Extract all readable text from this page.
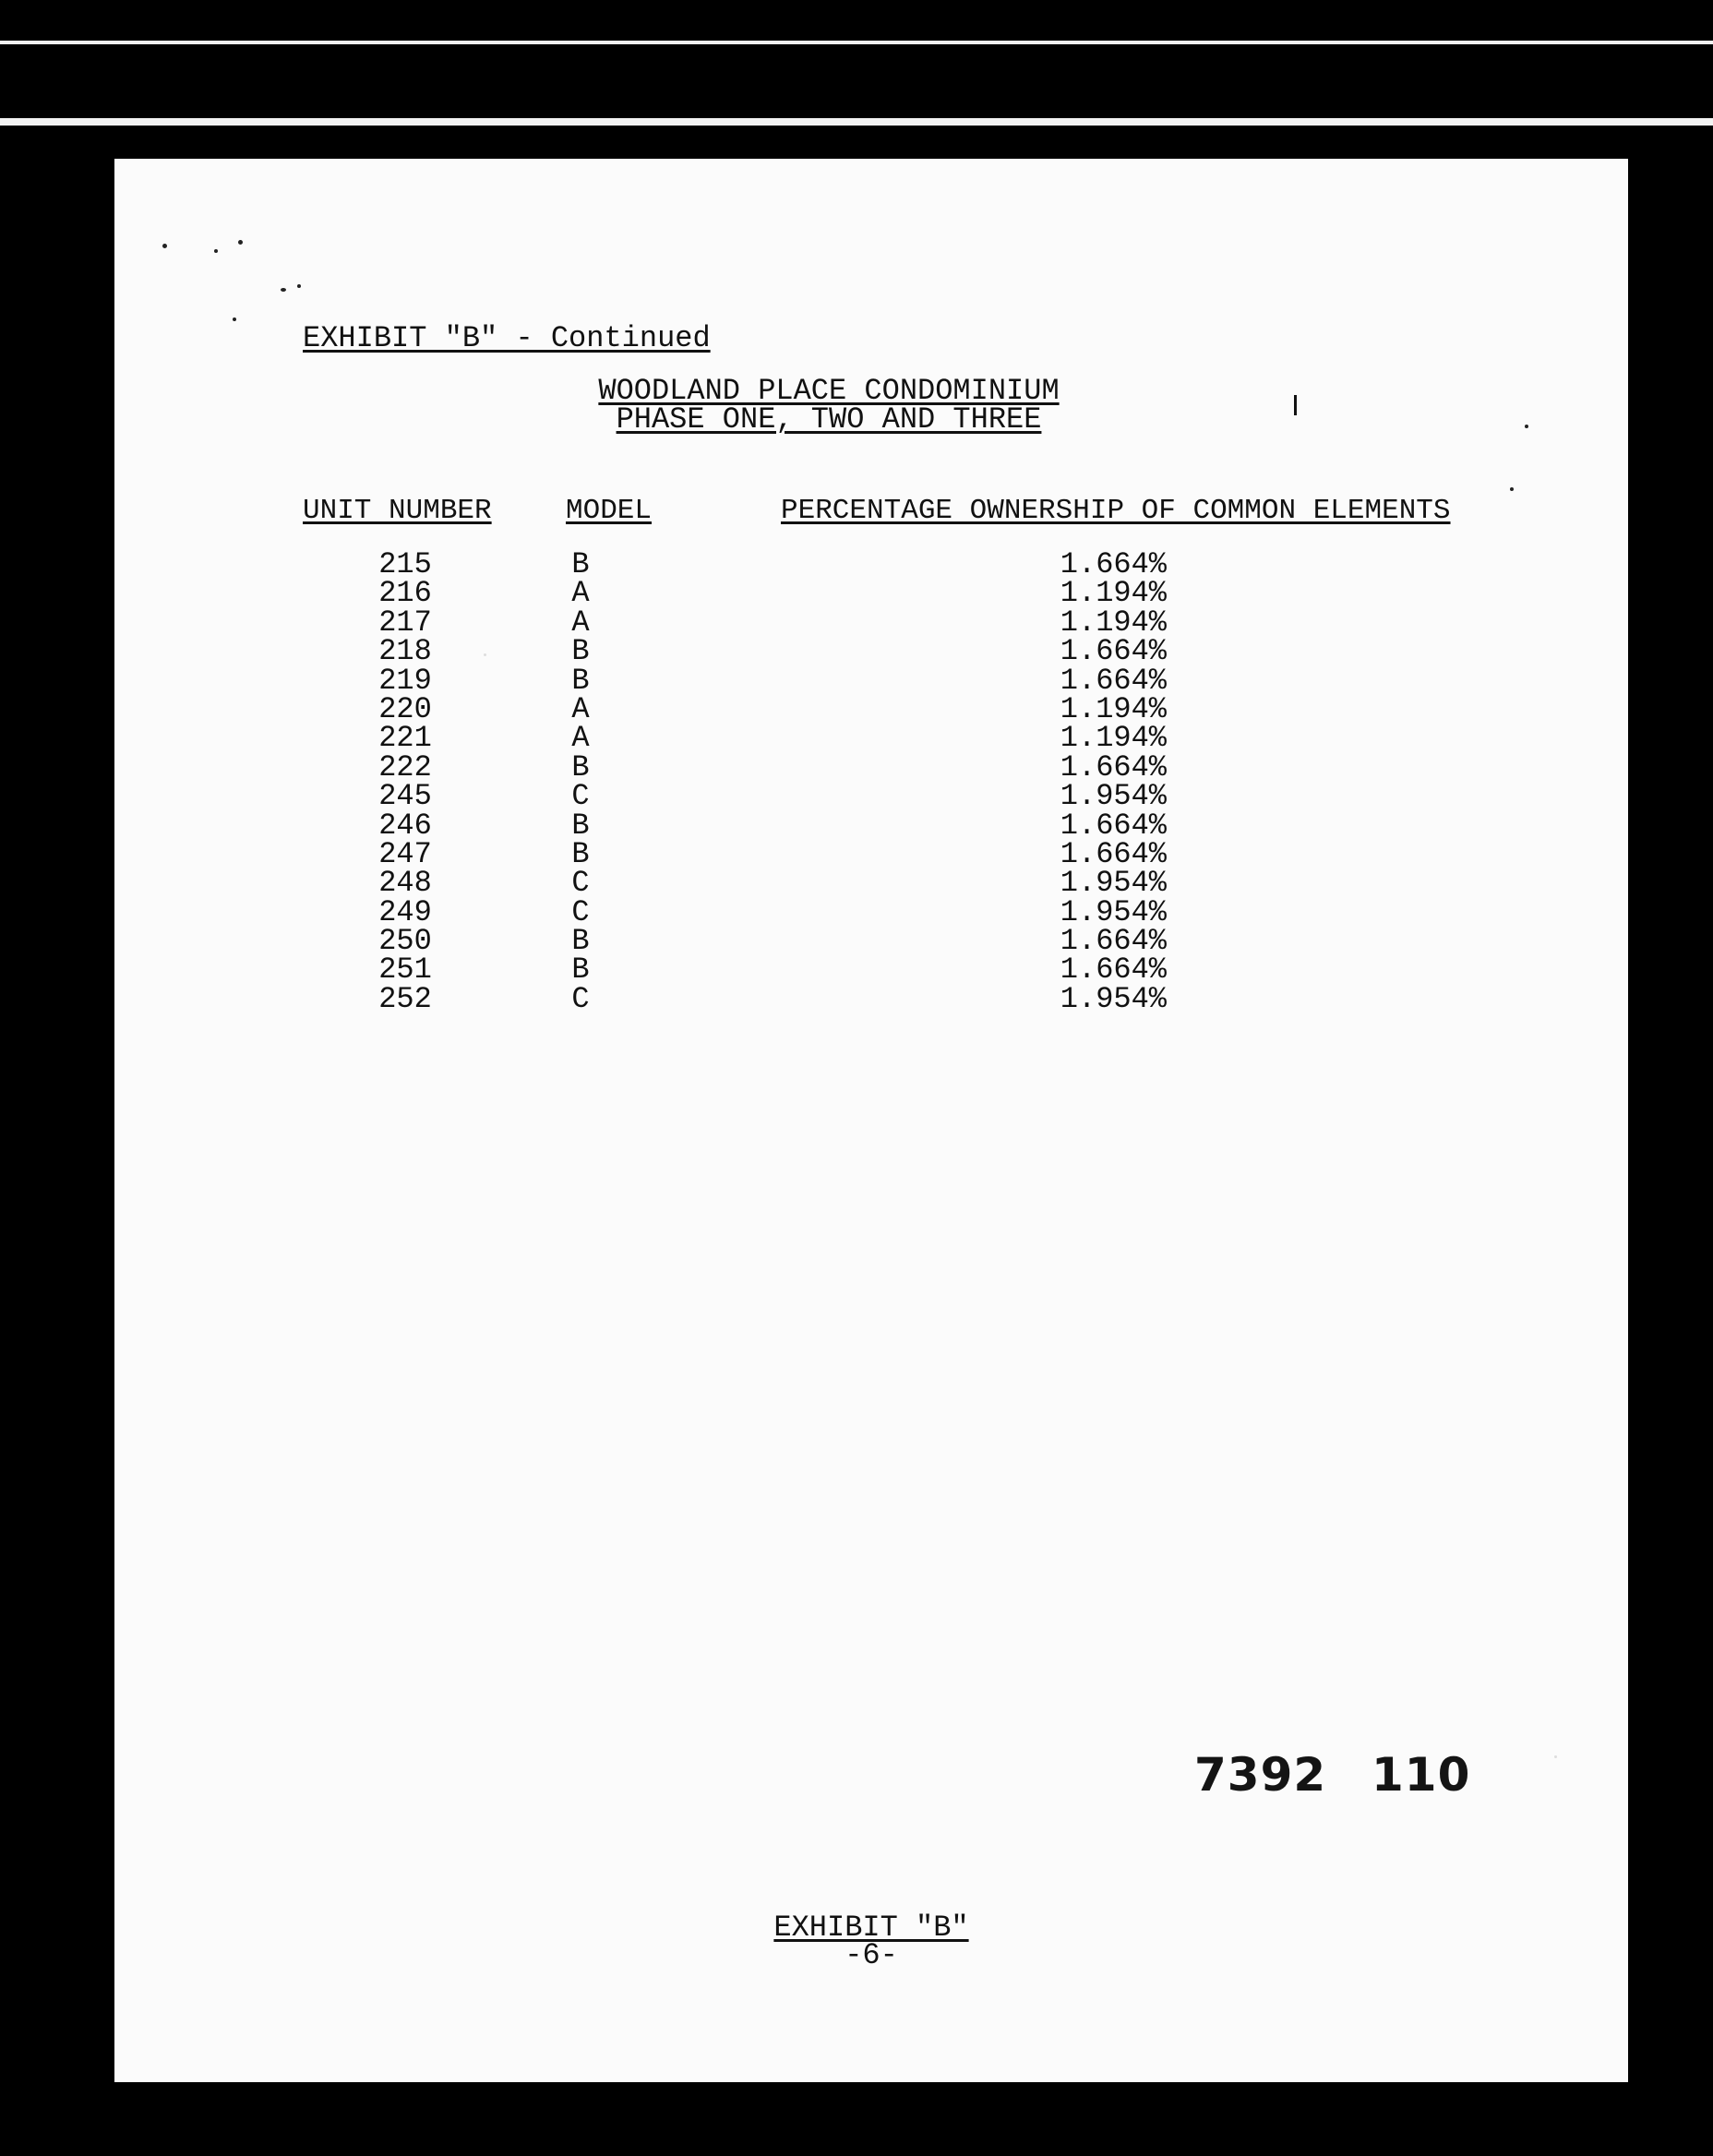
EXHIBIT "B" - Continued
WOODLAND PLACE CONDOMINIUM
PHASE ONE, TWO AND THREE
UNIT NUMBER	MODEL	PERCENTAGE OWNERSHIP OF COMMON ELEMENTS
215	B	1.664%
216	A	1.194%
217	A	1.194%
218	B	1.664%
219	B	1.664%
220	A	1.194%
221	A	1.194%
222	B	1.664%
245	C	1.954%
246	B	1.664%
247	B	1.664%
248	C	1.954%
249	C	1.954%
250	B	1.664%
251	B	1.664%
252	C	1.954%
7392 110
EXHIBIT "B"
-6-
